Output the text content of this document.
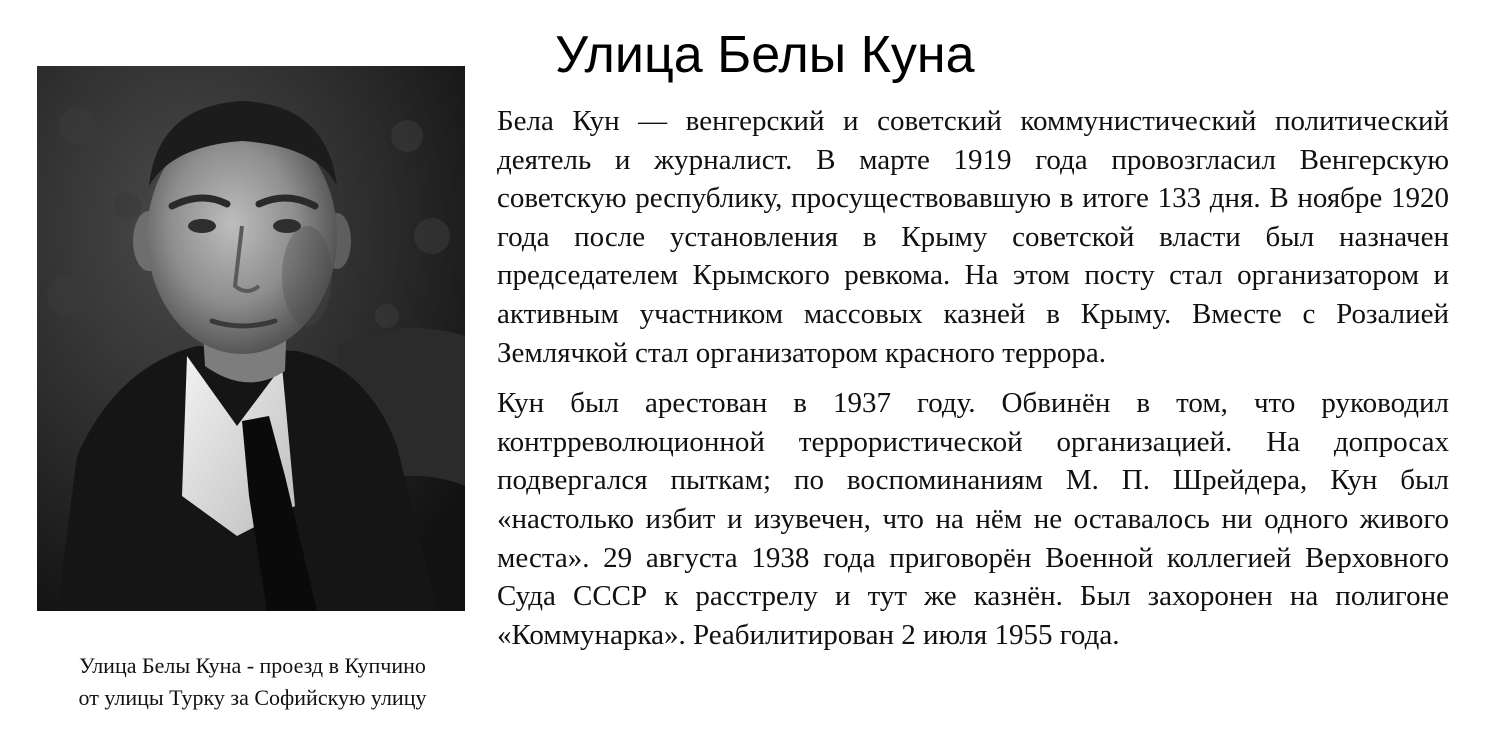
Улица Белы Куна
Улица Белы Куна - проезд в Купчино
от улицы Турку за Софийскую улицу

Бела Кун — венгерский и советский коммунистический политический деятель и журналист. В марте 1919 года провозгласил Венгерскую советскую республику, просуществовавшую в итоге 133 дня. В ноябре 1920 года после установления в Крыму советской власти был назначен председателем Крымского ревкома. На этом посту стал организатором и активным участником массовых казней в Крыму. Вместе с Розалией Землячкой стал организатором красного террора.

Кун был арестован в 1937 году. Обвинён в том, что руководил контрреволюционной террористической организацией. На допросах подвергался пыткам; по воспоминаниям М. П. Шрейдера, Кун был «настолько избит и изувечен, что на нём не оставалось ни одного живого места». 29 августа 1938 года приговорён Военной коллегией Верховного Суда СССР к расстрелу и тут же казнён. Был захоронен на полигоне «Коммунарка». Реабилитирован 2 июля 1955 года.
